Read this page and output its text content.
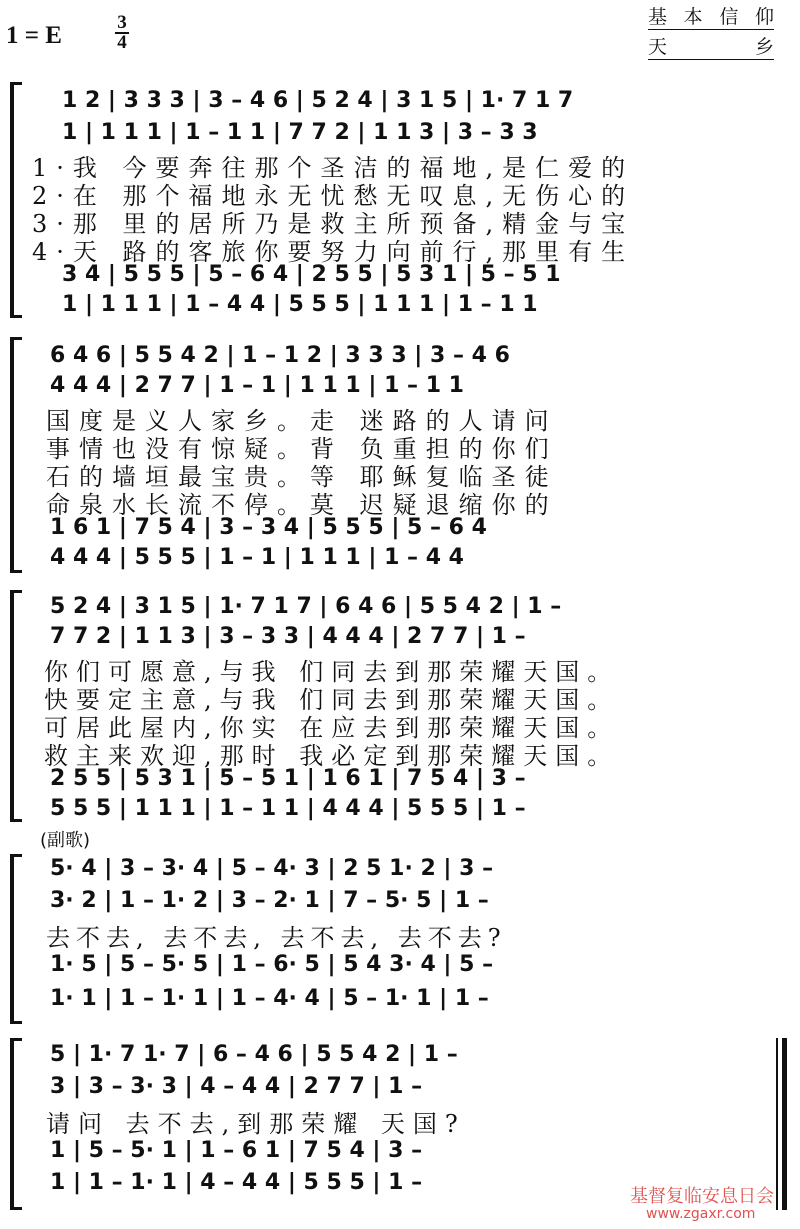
1 = E	3
4
基本信仰
天乡
1 2 | 3 3 3 | 3 – 4 6 | 5 2 4 | 3 1 5 | 1· 7 1 7
1 | 1 1 1 | 1 – 1 1 | 7 7 2 | 1 1 3 | 3 – 3 3
1·我 今要奔往那个圣洁的福地,是仁爱的
2·在 那个福地永无忧愁无叹息,无伤心的
3·那 里的居所乃是救主所预备,精金与宝
4·天 路的客旅你要努力向前行,那里有生
3 4 | 5 5 5 | 5 – 6 4 | 2 5 5 | 5 3 1 | 5 – 5 1
1 | 1 1 1 | 1 – 4 4 | 5 5 5 | 1 1 1 | 1 – 1 1
6 4 6 | 5 5 4 2 | 1 – 1 2 | 3 3 3 | 3 – 4 6
4 4 4 | 2 7 7 | 1 – 1 | 1 1 1 | 1 – 1 1
国度是义人家乡。走 迷路的人请问
事情也没有惊疑。背 负重担的你们
石的墙垣最宝贵。等 耶稣复临圣徒
命泉水长流不停。莫 迟疑退缩你的
1 6 1 | 7 5 4 | 3 – 3 4 | 5 5 5 | 5 – 6 4
4 4 4 | 5 5 5 | 1 – 1 | 1 1 1 | 1 – 4 4
5 2 4 | 3 1 5 | 1· 7 1 7 | 6 4 6 | 5 5 4 2 | 1 –
7 7 2 | 1 1 3 | 3 – 3 3 | 4 4 4 | 2 7 7 | 1 –
你们可愿意,与我 们同去到那荣耀天国。
快要定主意,与我 们同去到那荣耀天国。
可居此屋内,你实 在应去到那荣耀天国。
救主来欢迎,那时 我必定到那荣耀天国。
2 5 5 | 5 3 1 | 5 – 5 1 | 1 6 1 | 7 5 4 | 3 –
5 5 5 | 1 1 1 | 1 – 1 1 | 4 4 4 | 5 5 5 | 1 –
(副歌)
5· 4 | 3 – 3· 4 | 5 – 4· 3 | 2 5 1· 2 | 3 –
3· 2 | 1 – 1· 2 | 3 – 2· 1 | 7 – 5· 5 | 1 –
去不去, 去不去, 去不去, 去不去?
1· 5 | 5 – 5· 5 | 1 – 6· 5 | 5 4 3· 4 | 5 –
1· 1 | 1 – 1· 1 | 1 – 4· 4 | 5 – 1· 1 | 1 –
5 | 1· 7 1· 7 | 6 – 4 6 | 5 5 4 2 | 1 –
3 | 3 – 3· 3 | 4 – 4 4 | 2 7 7 | 1 –
请问 去不去,到那荣耀 天国?
1 | 5 – 5· 1 | 1 – 6 1 | 7 5 4 | 3 –
1 | 1 – 1· 1 | 4 – 4 4 | 5 5 5 | 1 –
基督复临安息日会
www.zgaxr.com
